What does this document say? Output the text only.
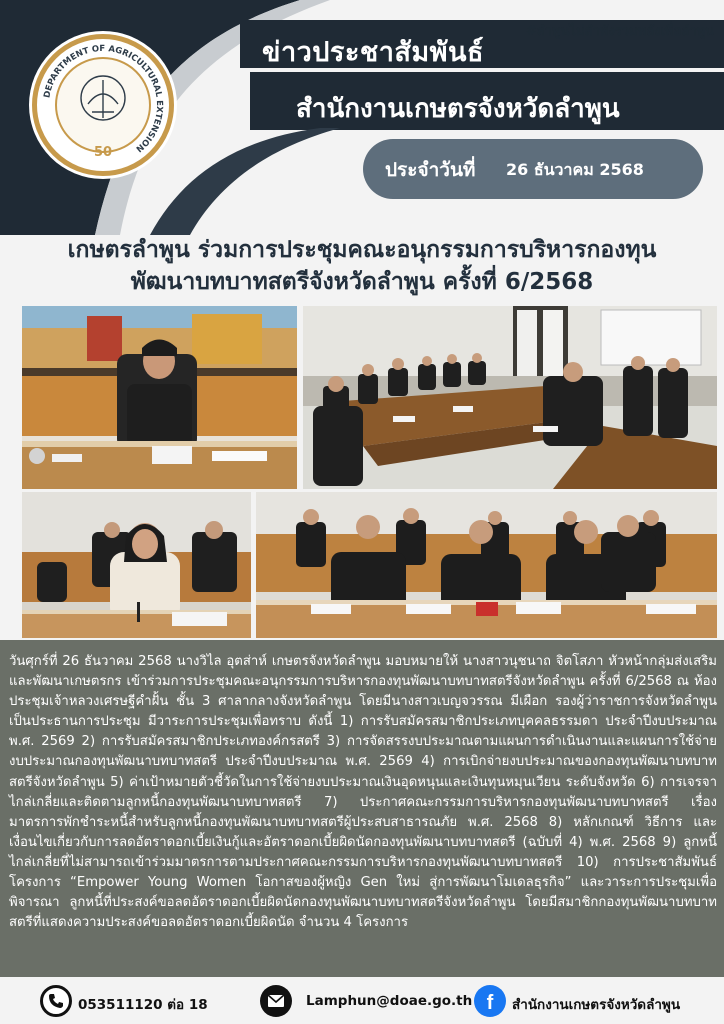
DEPARTMENT OF AGRICULTURAL EXTENSION
50
#ลำพูนไม่ลำพังรวมพลังเพื่อลำพูน
ข่าวประชาสัมพันธ์
สำนักงานเกษตรจังหวัดลำพูน
ประจำวันที่ 26 ธันวาคม 2568
เกษตรลำพูน ร่วมการประชุมคณะอนุกรรมการบริหารกองทุน
พัฒนาบทบาทสตรีจังหวัดลำพูน ครั้งที่ 6/2568
วันศุกร์ที่ 26 ธันวาคม 2568 นางวิไล อุตส่าห์ เกษตรจังหวัดลำพูน มอบหมายให้ นางสาวนุชนาถ จิตโสภา หัวหน้ากลุ่มส่งเสริมและพัฒนาเกษตรกร เข้าร่วมการประชุมคณะอนุกรรมการบริหารกองทุนพัฒนาบทบาทสตรีจังหวัดลำพูน ครั้งที่ 6/2568 ณ ห้องประชุมเจ้าหลวงเศรษฐีคำฝั้น ชั้น 3 ศาลากลางจังหวัดลำพูน โดยมีนางสาวเบญจวรรณ มีเผือก รองผู้ว่าราชการจังหวัดลำพูน เป็นประธานการประชุม มีวาระการประชุมเพื่อทราบ ดังนี้ 1) การรับสมัครสมาชิกประเภทบุคคลธรรมดา ประจำปีงบประมาณ พ.ศ. 2569 2) การรับสมัครสมาชิกประเภทองค์กรสตรี 3) การจัดสรรงบประมาณตามแผนการดำเนินงานและแผนการใช้จ่ายงบประมาณกองทุนพัฒนาบทบาทสตรี ประจำปีงบประมาณ พ.ศ. 2569 4) การเบิกจ่ายงบประมาณของกองทุนพัฒนาบทบาทสตรีจังหวัดลำพูน 5) ค่าเป้าหมายตัวชี้วัดในการใช้จ่ายงบประมาณเงินอุดหนุนและเงินทุนหมุนเวียน ระดับจังหวัด 6) การเจรจาไกล่เกลี่ยและติดตามลูกหนี้กองทุนพัฒนาบทบาทสตรี 7) ประกาศคณะกรรมการบริหารกองทุนพัฒนาบทบาทสตรี เรื่อง มาตรการพักชำระหนี้สำหรับลูกหนี้กองทุนพัฒนาบทบาทสตรีผู้ประสบสาธารณภัย พ.ศ. 2568 8) หลักเกณฑ์ วิธีการ และเงื่อนไขเกี่ยวกับการลดอัตราดอกเบี้ยเงินกู้และอัตราดอกเบี้ยผิดนัดกองทุนพัฒนาบทบาทสตรี (ฉบับที่ 4) พ.ศ. 2568 9) ลูกหนี้ไกล่เกลี่ยที่ไม่สามารถเข้าร่วมมาตรการตามประกาศคณะกรรมการบริหารกองทุนพัฒนาบทบาทสตรี 10) การประชาสัมพันธ์โครงการ “Empower Young Women โอกาสของผู้หญิง Gen ใหม่ สู่การพัฒนาโมเดลธุรกิจ” และวาระการประชุมเพื่อพิจารณา ลูกหนี้ที่ประสงค์ขอลดอัตราดอกเบี้ยผิดนัดกองทุนพัฒนาบทบาทสตรีจังหวัดลำพูน โดยมีสมาชิกกองทุนพัฒนาบทบาทสตรีที่แสดงความประสงค์ขอลดอัตราดอกเบี้ยผิดนัด จำนวน 4 โครงการ
053511120 ต่อ 18	Lamphun@doae.go.th f สำนักงานเกษตรจังหวัดลำพูน
